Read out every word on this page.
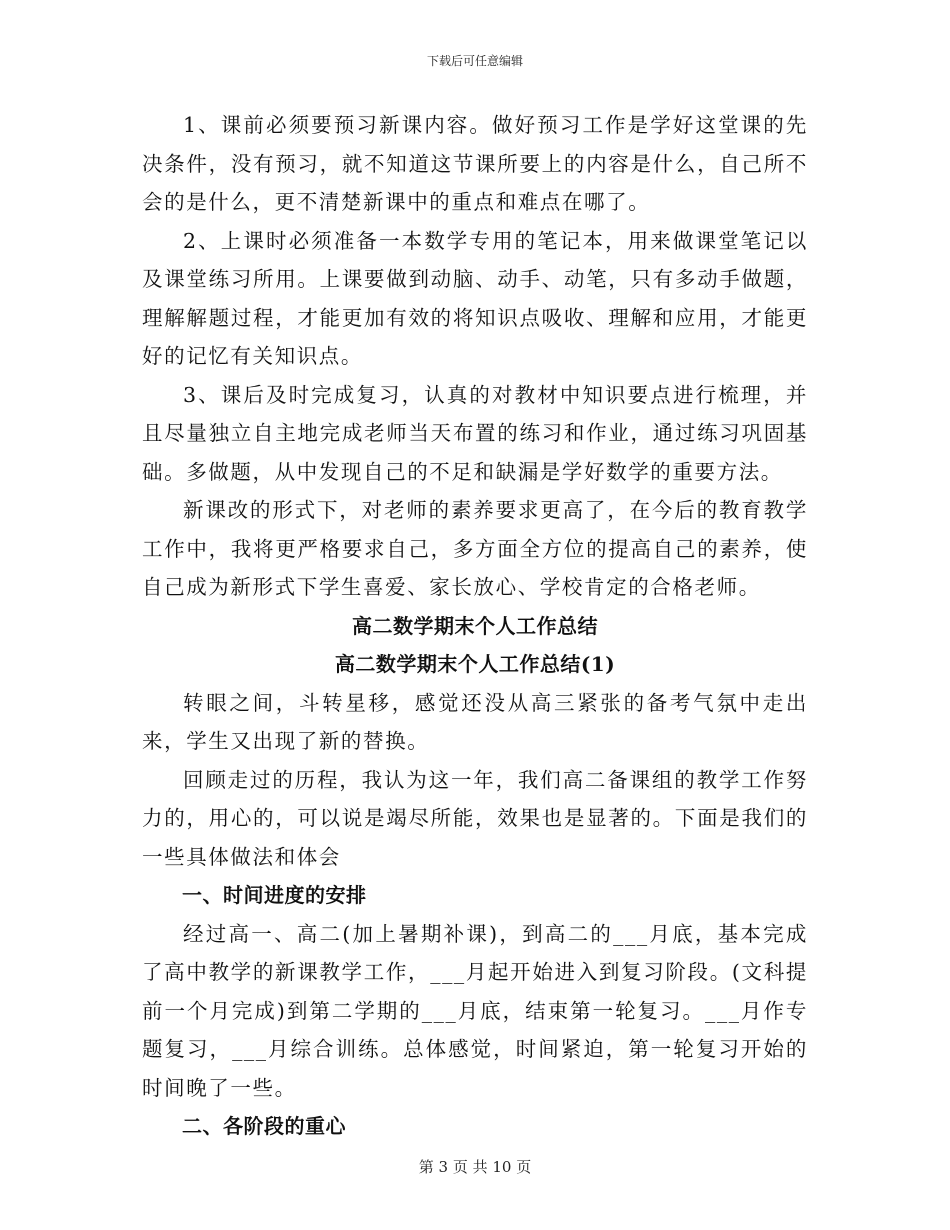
下载后可任意编辑

1、课前必须要预习新课内容。做好预习工作是学好这堂课的先决条件，没有预习，就不知道这节课所要上的内容是什么，自己所不会的是什么，更不清楚新课中的重点和难点在哪了。

2、上课时必须准备一本数学专用的笔记本，用来做课堂笔记以及课堂练习所用。上课要做到动脑、动手、动笔，只有多动手做题，理解解题过程，才能更加有效的将知识点吸收、理解和应用，才能更好的记忆有关知识点。

3、课后及时完成复习，认真的对教材中知识要点进行梳理，并且尽量独立自主地完成老师当天布置的练习和作业，通过练习巩固基础。多做题，从中发现自己的不足和缺漏是学好数学的重要方法。

新课改的形式下，对老师的素养要求更高了，在今后的教育教学工作中，我将更严格要求自己，多方面全方位的提高自己的素养，使自己成为新形式下学生喜爱、家长放心、学校肯定的合格老师。

高二数学期末个人工作总结

高二数学期末个人工作总结(1)

转眼之间，斗转星移，感觉还没从高三紧张的备考气氛中走出来，学生又出现了新的替换。

回顾走过的历程，我认为这一年，我们高二备课组的教学工作努力的，用心的，可以说是竭尽所能，效果也是显著的。下面是我们的一些具体做法和体会

一、时间进度的安排

经过高一、高二(加上暑期补课)，到高二的___月底，基本完成了高中教学的新课教学工作，___月起开始进入到复习阶段。(文科提前一个月完成)到第二学期的___月底，结束第一轮复习。___月作专题复习，___月综合训练。总体感觉，时间紧迫，第一轮复习开始的时间晚了一些。

二、各阶段的重心

第 3 页 共 10 页
